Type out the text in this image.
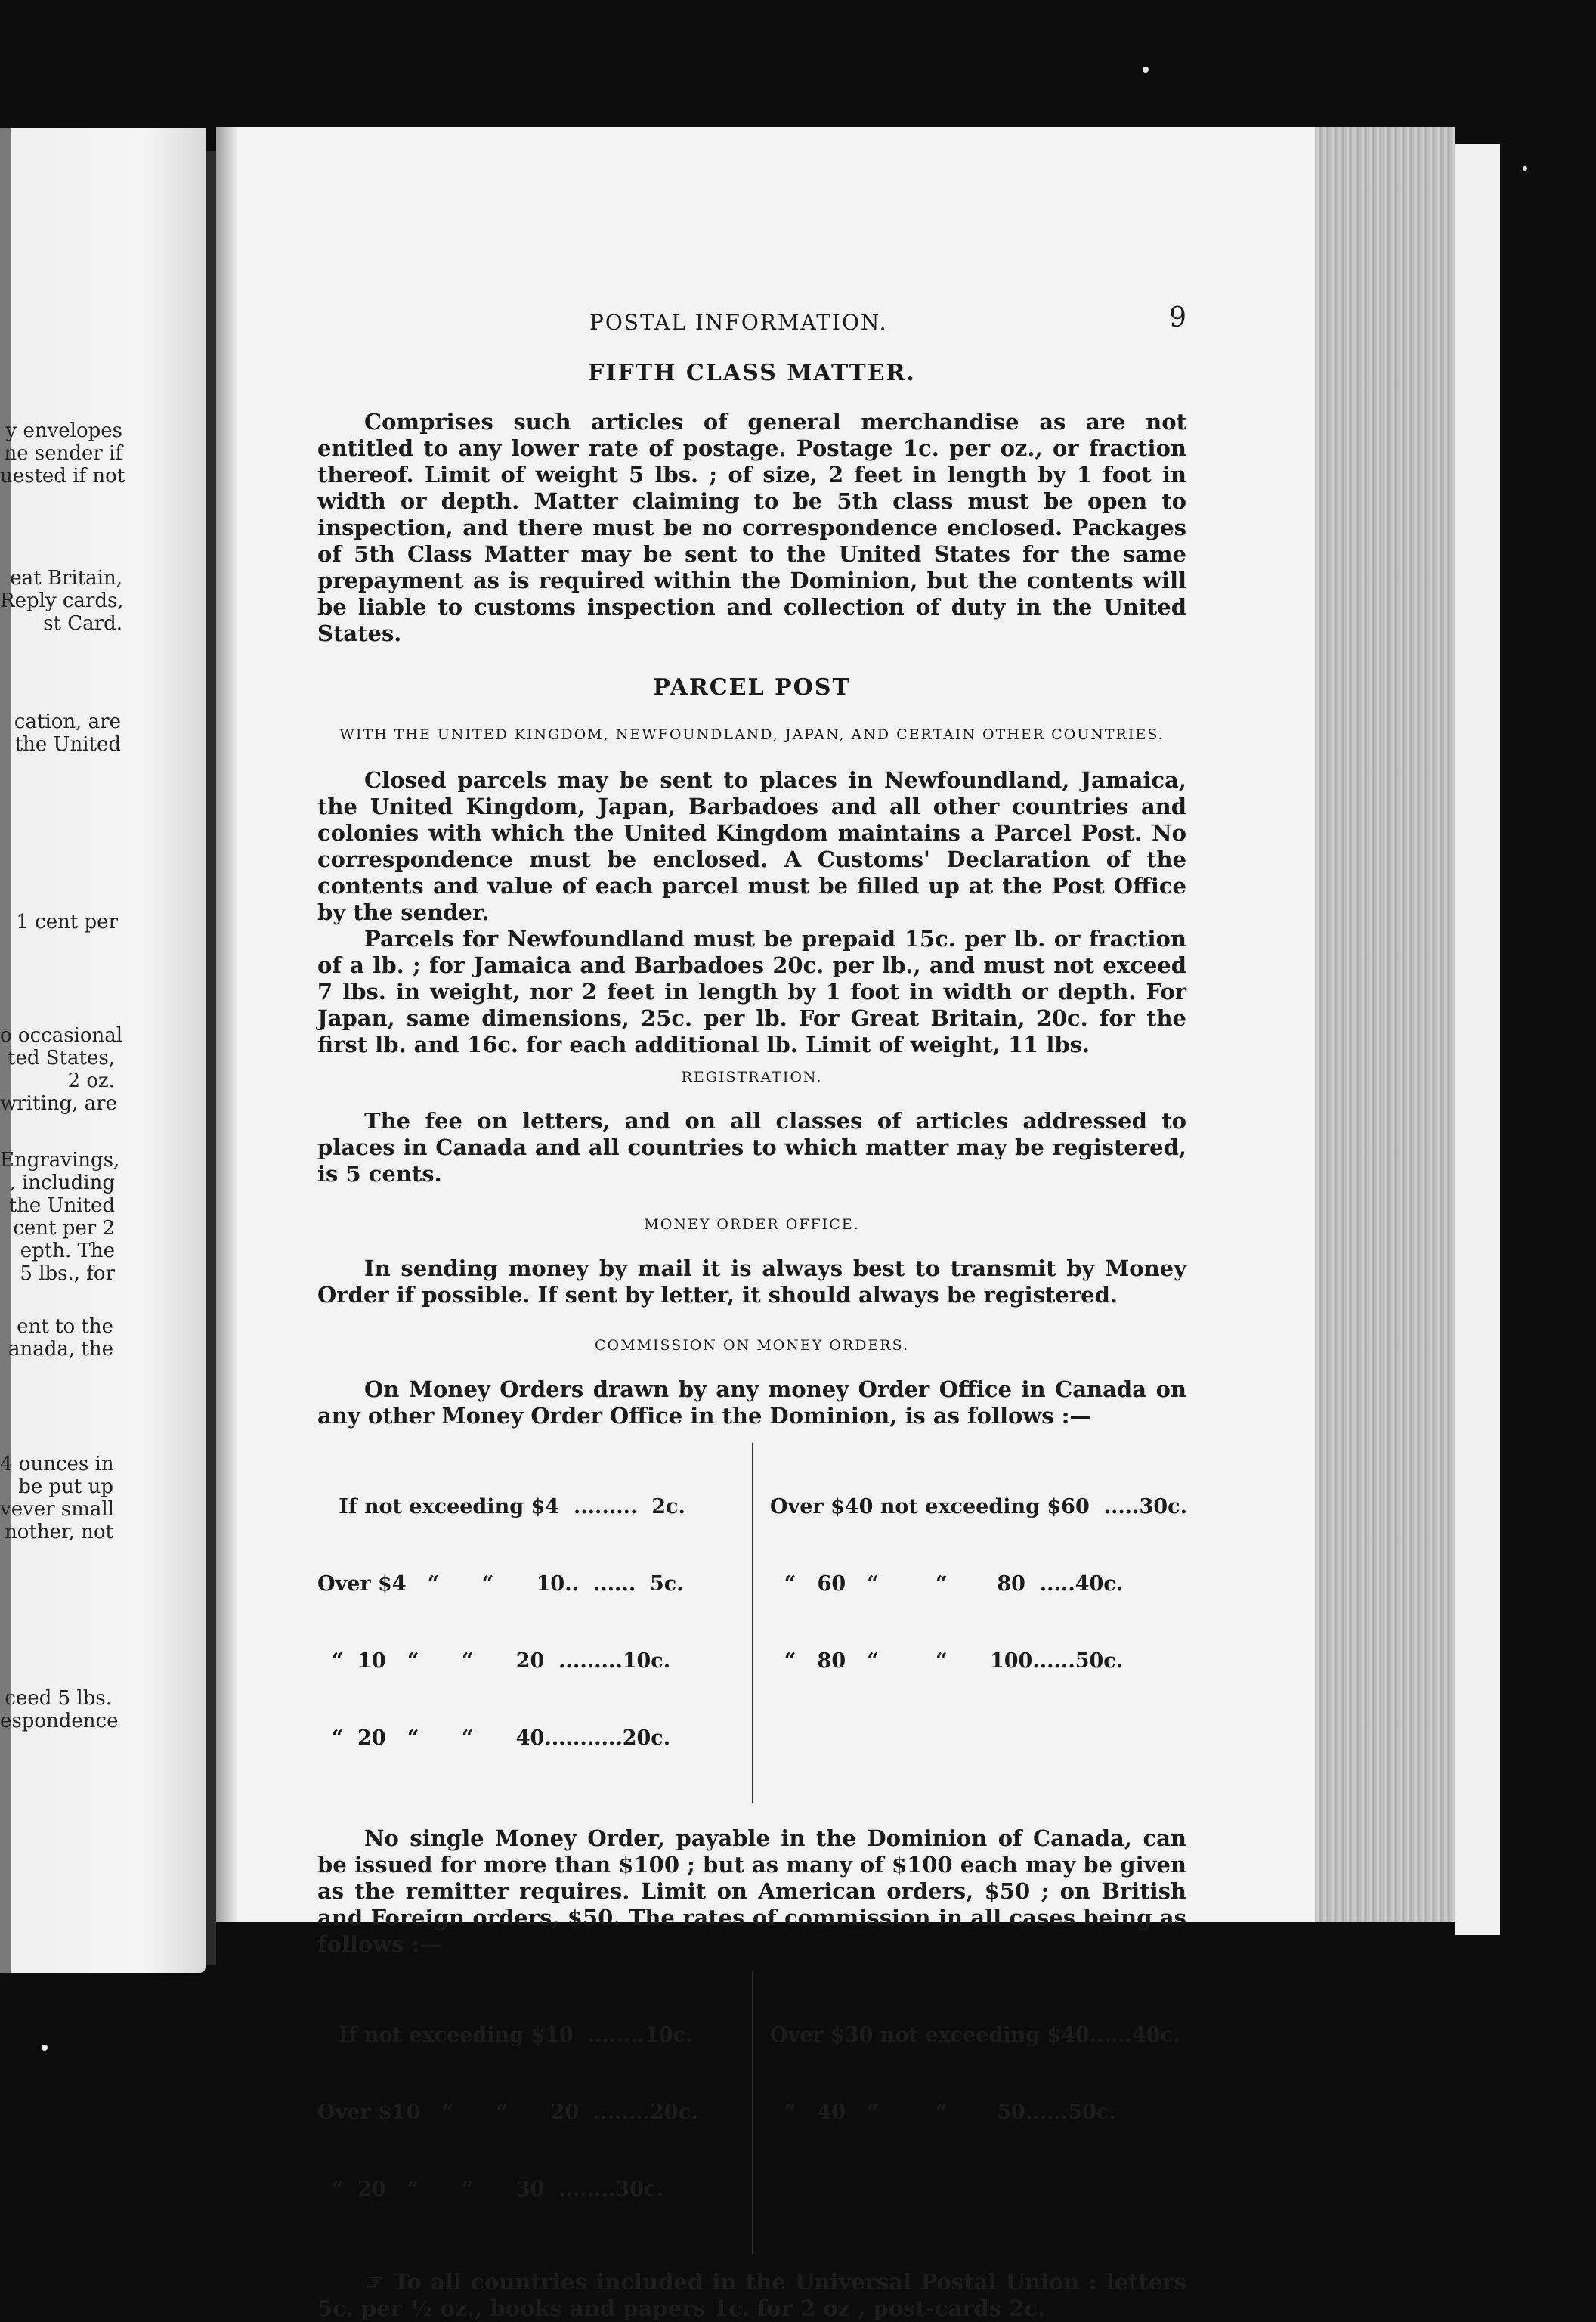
y envelopes
ne sender if
uested if not
eat Britain,
Reply cards,
st Card.
cation, are
the United
1 cent per
o occasional
ted States,
2 oz.
writing, are
Engravings,
, including
the United
cent per 2
epth. The
5 lbs., for
ent to the
anada, the
4 ounces in
be put up
vever small
nother, not
ceed 5 lbs.
espondence
POSTAL INFORMATION.	9
FIFTH CLASS MATTER.

Comprises such articles of general merchandise as are not entitled to any lower rate of postage. Postage 1c. per oz., or fraction thereof. Limit of weight 5 lbs. ; of size, 2 feet in length by 1 foot in width or depth. Matter claiming to be 5th class must be open to inspection, and there must be no correspondence enclosed. Packages of 5th Class Matter may be sent to the United States for the same prepayment as is required within the Dominion, but the contents will be liable to customs inspection and collection of duty in the United States.

PARCEL POST
WITH THE UNITED KINGDOM, NEWFOUNDLAND, JAPAN, AND CERTAIN OTHER COUNTRIES.

Closed parcels may be sent to places in Newfoundland, Jamaica, the United Kingdom, Japan, Barbadoes and all other countries and colonies with which the United Kingdom maintains a Parcel Post. No correspondence must be enclosed. A Customs' Declaration of the contents and value of each parcel must be filled up at the Post Office by the sender.

Parcels for Newfoundland must be prepaid 15c. per lb. or fraction of a lb. ; for Jamaica and Barbadoes 20c. per lb., and must not exceed 7 lbs. in weight, nor 2 feet in length by 1 foot in width or depth. For Japan, same dimensions, 25c. per lb. For Great Britain, 20c. for the first lb. and 16c. for each additional lb. Limit of weight, 11 lbs.

REGISTRATION.

The fee on letters, and on all classes of articles addressed to places in Canada and all countries to which matter may be registered, is 5 cents.

MONEY ORDER OFFICE.

In sending money by mail it is always best to transmit by Money Order if possible. If sent by letter, it should always be registered.

COMMISSION ON MONEY ORDERS.

On Money Orders drawn by any money Order Office in Canada on any other Money Order Office in the Dominion, is as follows :—

If not exceeding $4  .........  2c.

Over $4   “      “      10..  ......  5c.

“  10   “      “      20  .........10c.

“  20   “      “      40...........20c.

Over $40 not exceeding $60  .....30c.

“   60   “        “       80  .....40c.

“   80   “        “      100......50c.

No single Money Order, payable in the Dominion of Canada, can be issued for more than $100 ; but as many of $100 each may be given as the remitter requires. Limit on American orders, $50 ; on British and Foreign orders, $50. The rates of commission in all cases being as follows :—

If not exceeding $10  ........10c.

Over $10   “      “      20  ........20c.

“  20   “      “      30  ........30c.

Over $30 not exceeding $40......40c.

“   40   “        “       50......50c.

☞ To all countries included in the Universal Postal Union : letters 5c. per ½ oz., books and papers 1c. for 2 oz , post-cards 2c.
